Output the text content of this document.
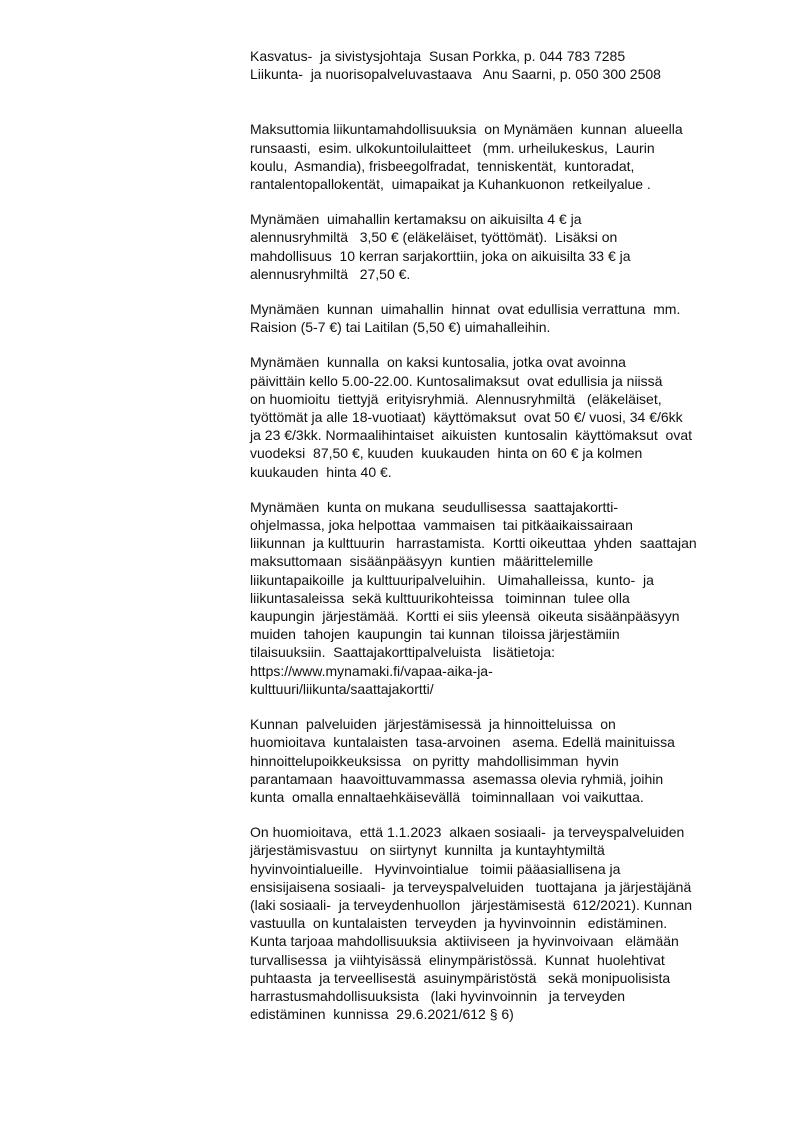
Kasvatus-  ja sivistysjohtaja  Susan Porkka, p. 044 783 7285
Liikunta-  ja nuorisopalveluvastaava   Anu Saarni, p. 050 300 2508
Maksuttomia liikuntamahdollisuuksia  on Mynämäen  kunnan  alueella
runsaasti,  esim. ulkokuntoilulaitteet   (mm. urheilukeskus,  Laurin
koulu,  Asmandia), frisbeegolfradat,  tenniskentät,  kuntoradat,
rantalentopallokentät,  uimapaikat ja Kuhankuonon  retkeilyalue .
Mynämäen  uimahallin kertamaksu on aikuisilta 4 € ja
alennusryhmiltä   3,50 € (eläkeläiset, työttömät).  Lisäksi on
mahdollisuus  10 kerran sarjakorttiin, joka on aikuisilta 33 € ja
alennusryhmiltä   27,50 €.
Mynämäen  kunnan  uimahallin  hinnat  ovat edullisia verrattuna  mm.
Raision (5-7 €) tai Laitilan (5,50 €) uimahalleihin.
Mynämäen  kunnalla  on kaksi kuntosalia, jotka ovat avoinna
päivittäin kello 5.00-22.00. Kuntosalimaksut  ovat edullisia ja niissä
on huomioitu  tiettyjä  erityisryhmiä.  Alennusryhmiltä   (eläkeläiset,
työttömät ja alle 18-vuotiaat)  käyttömaksut  ovat 50 €/ vuosi, 34 €/6kk
ja 23 €/3kk. Normaalihintaiset  aikuisten  kuntosalin  käyttömaksut  ovat
vuodeksi  87,50 €, kuuden  kuukauden  hinta on 60 € ja kolmen
kuukauden  hinta 40 €.
Mynämäen  kunta on mukana  seudullisessa  saattajakortti-
ohjelmassa, joka helpottaa  vammaisen  tai pitkäaikaissairaan
liikunnan  ja kulttuurin   harrastamista.  Kortti oikeuttaa  yhden  saattajan
maksuttomaan  sisäänpääsyyn  kuntien  määrittelemille
liikuntapaikoille  ja kulttuuripalveluihin.   Uimahalleissa,  kunto-  ja
liikuntasaleissa  sekä kulttuurikohteissa   toiminnan  tulee olla
kaupungin  järjestämää.  Kortti ei siis yleensä  oikeuta sisäänpääsyyn
muiden  tahojen  kaupungin  tai kunnan  tiloissa järjestämiin
tilaisuuksiin.  Saattajakorttipalveluista   lisätietoja:
https://www.mynamaki.fi/vapaa-aika-ja-
kulttuuri/liikunta/saattajakortti/
Kunnan  palveluiden  järjestämisessä  ja hinnoitteluissa  on
huomioitava  kuntalaisten  tasa-arvoinen   asema. Edellä mainituissa
hinnoittelupoikkeuksissa   on pyritty  mahdollisimman  hyvin
parantamaan  haavoittuvammassa  asemassa olevia ryhmiä, joihin
kunta  omalla ennaltaehkäisevällä   toiminnallaan  voi vaikuttaa.
On huomioitava,  että 1.1.2023  alkaen sosiaali-  ja terveyspalveluiden
järjestämisvastuu   on siirtynyt  kunnilta  ja kuntayhtymiltä
hyvinvointialueille.   Hyvinvointialue   toimii pääasiallisena ja
ensisijaisena sosiaali-  ja terveyspalveluiden   tuottajana  ja järjestäjänä
(laki sosiaali-  ja terveydenhuollon   järjestämisestä  612/2021). Kunnan
vastuulla  on kuntalaisten  terveyden  ja hyvinvoinnin   edistäminen.
Kunta tarjoaa mahdollisuuksia  aktiiviseen  ja hyvinvoivaan   elämään
turvallisessa  ja viihtyisässä  elinympäristössä.  Kunnat  huolehtivat
puhtaasta  ja terveellisestä  asuinympäristöstä   sekä monipuolisista
harrastusmahdollisuuksista   (laki hyvinvoinnin   ja terveyden
edistäminen  kunnissa  29.6.2021/612 § 6)
